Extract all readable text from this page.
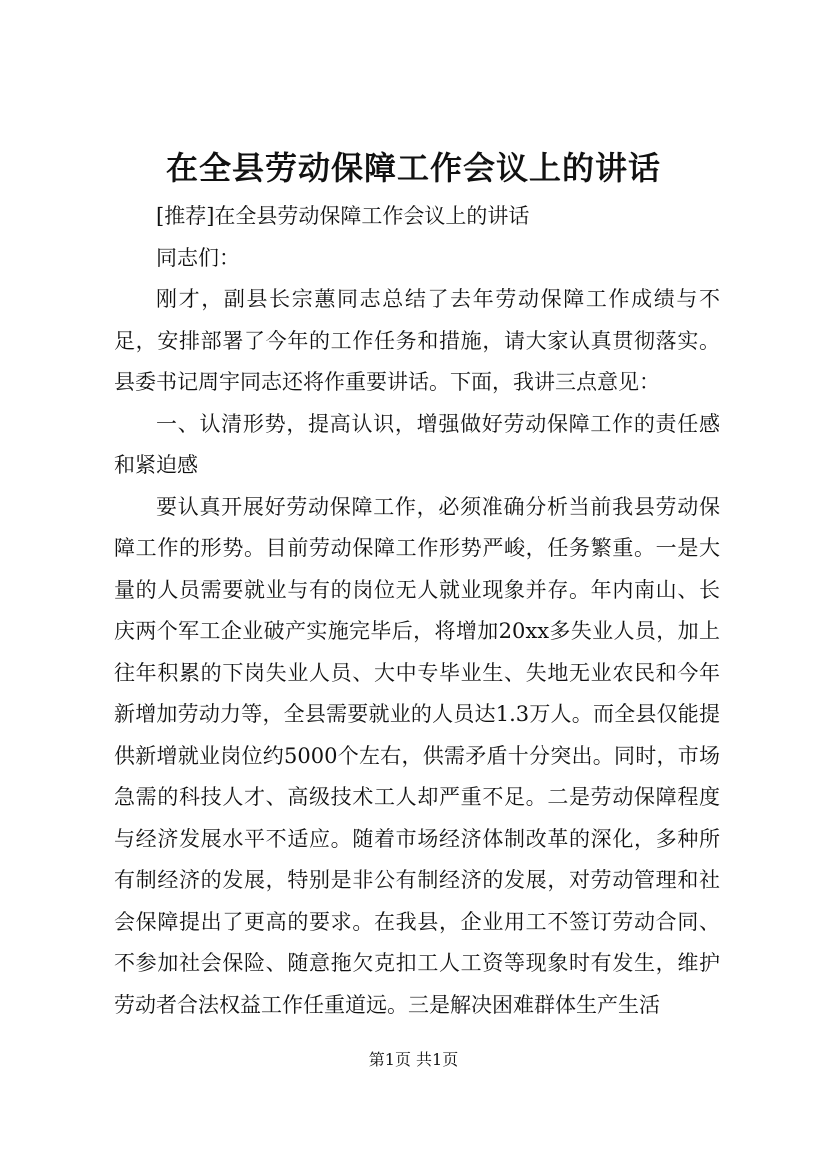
在全县劳动保障工作会议上的讲话

[推荐]在全县劳动保障工作会议上的讲话

同志们：

刚才，副县长宗蕙同志总结了去年劳动保障工作成绩与不足，安排部署了今年的工作任务和措施，请大家认真贯彻落实。县委书记周宇同志还将作重要讲话。下面，我讲三点意见：

一、认清形势，提高认识，增强做好劳动保障工作的责任感和紧迫感

要认真开展好劳动保障工作，必须准确分析当前我县劳动保障工作的形势。目前劳动保障工作形势严峻，任务繁重。一是大量的人员需要就业与有的岗位无人就业现象并存。年内南山、长庆两个军工企业破产实施完毕后，将增加20xx多失业人员，加上往年积累的下岗失业人员、大中专毕业生、失地无业农民和今年新增加劳动力等，全县需要就业的人员达1.3万人。而全县仅能提供新增就业岗位约5000个左右，供需矛盾十分突出。同时，市场急需的科技人才、高级技术工人却严重不足。二是劳动保障程度与经济发展水平不适应。随着市场经济体制改革的深化，多种所有制经济的发展，特别是非公有制经济的发展，对劳动管理和社会保障提出了更高的要求。在我县，企业用工不签订劳动合同、不参加社会保险、随意拖欠克扣工人工资等现象时有发生，维护劳动者合法权益工作任重道远。三是解决困难群体生产生活

第1页 共1页
